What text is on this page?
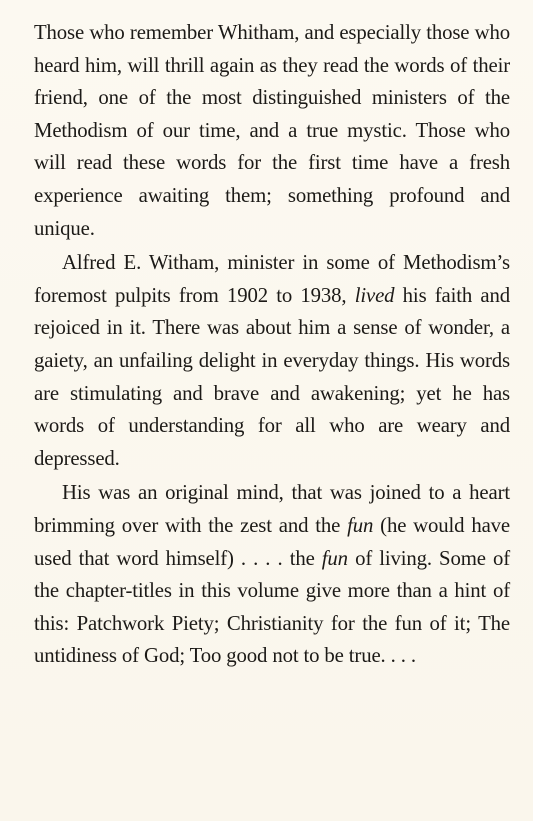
Those who remember Whitham, and especially those who heard him, will thrill again as they read the words of their friend, one of the most distinguished ministers of the Methodism of our time, and a true mystic. Those who will read these words for the first time have a fresh experience awaiting them; something profound and unique.

Alfred E. Witham, minister in some of Methodism’s foremost pulpits from 1902 to 1938, lived his faith and rejoiced in it. There was about him a sense of wonder, a gaiety, an unfailing delight in everyday things. His words are stimulating and brave and awakening; yet he has words of understanding for all who are weary and depressed.

His was an original mind, that was joined to a heart brimming over with the zest and the fun (he would have used that word himself) . . . . the fun of living. Some of the chapter-titles in this volume give more than a hint of this: Patchwork Piety; Christianity for the fun of it; The untidiness of God; Too good not to be true. . . .
